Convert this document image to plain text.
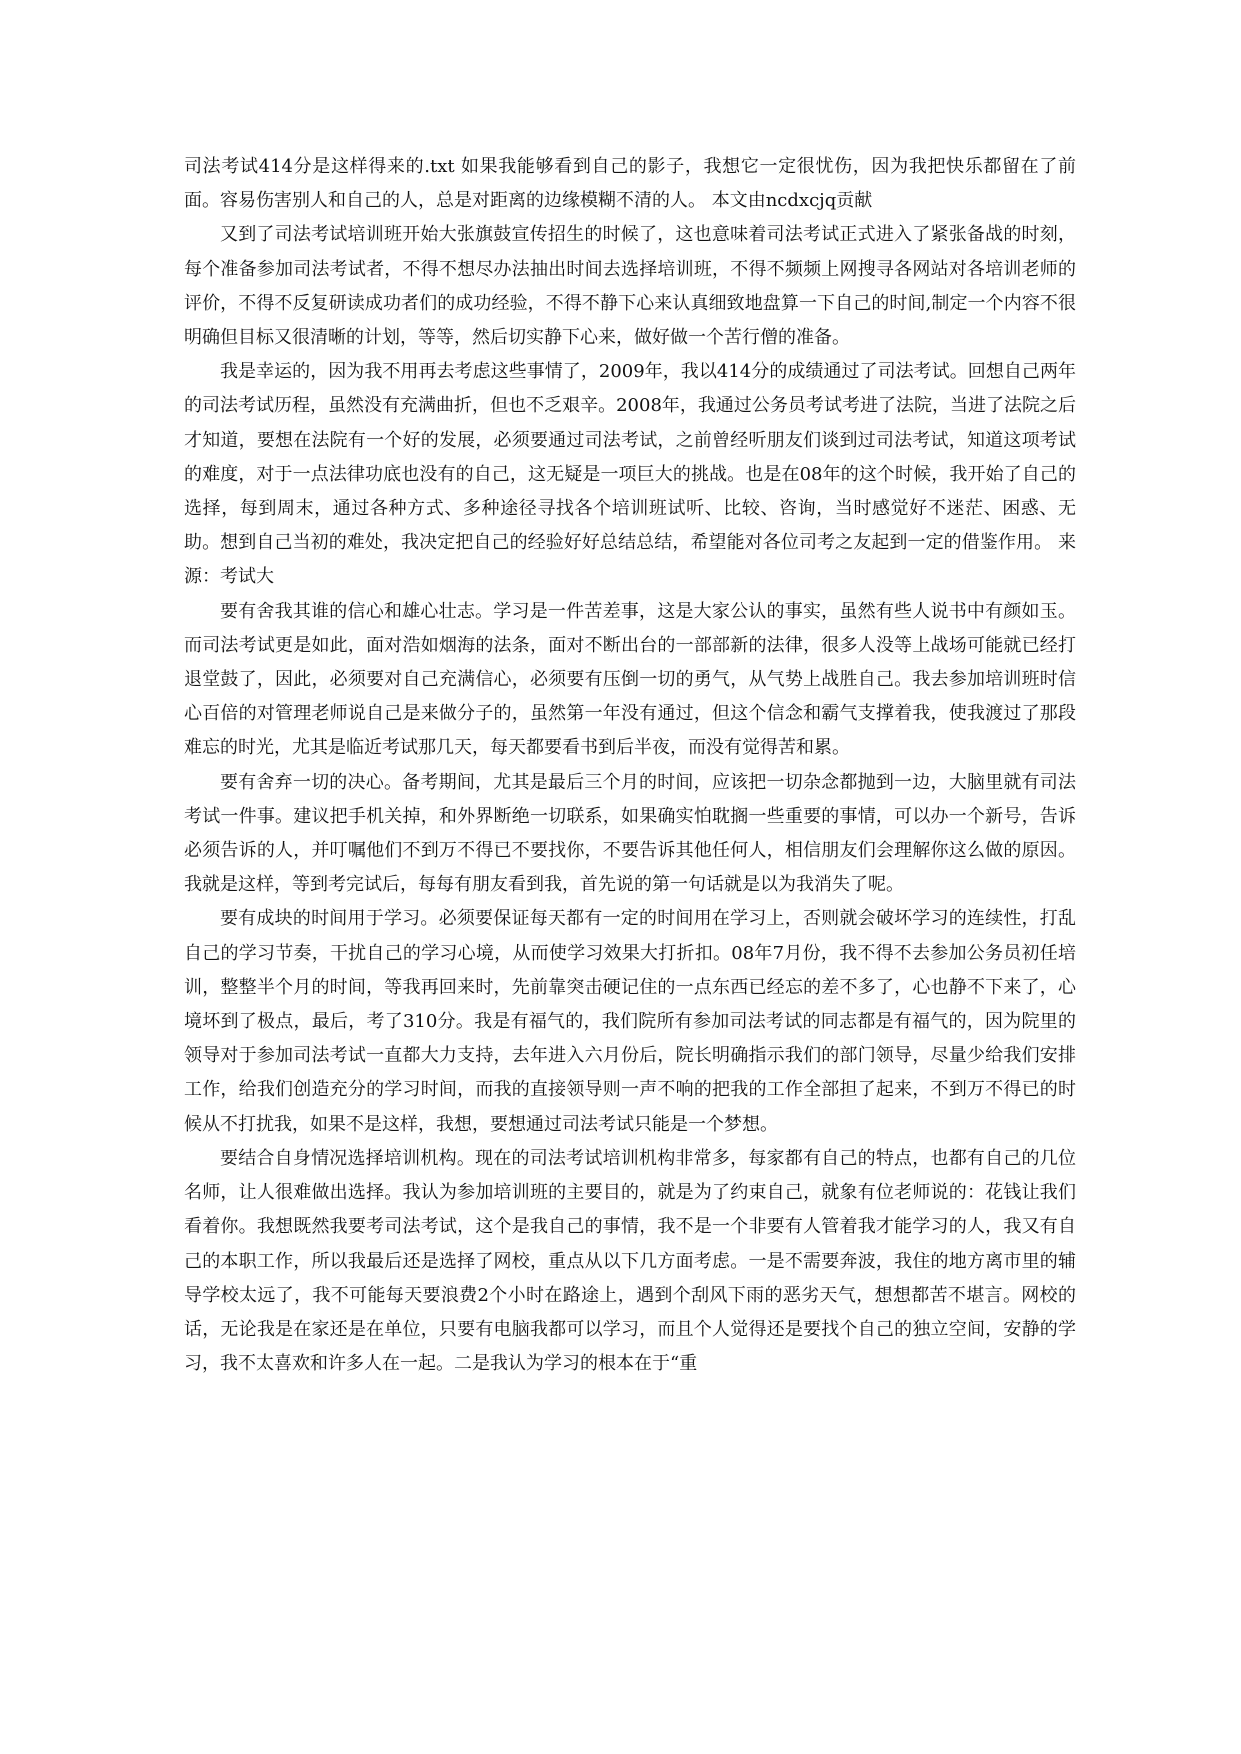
司法考试414分是这样得来的.txt 如果我能够看到自己的影子，我想它一定很忧伤，因为我把快乐都留在了前面。容易伤害别人和自己的人，总是对距离的边缘模糊不清的人。 本文由ncdxcjq贡献

又到了司法考试培训班开始大张旗鼓宣传招生的时候了，这也意味着司法考试正式进入了紧张备战的时刻，每个准备参加司法考试者，不得不想尽办法抽出时间去选择培训班，不得不频频上网搜寻各网站对各培训老师的评价，不得不反复研读成功者们的成功经验，不得不静下心来认真细致地盘算一下自己的时间,制定一个内容不很明确但目标又很清晰的计划，等等，然后切实静下心来，做好做一个苦行僧的准备。

我是幸运的，因为我不用再去考虑这些事情了，2009年，我以414分的成绩通过了司法考试。回想自己两年的司法考试历程，虽然没有充满曲折，但也不乏艰辛。2008年，我通过公务员考试考进了法院，当进了法院之后才知道，要想在法院有一个好的发展，必须要通过司法考试，之前曾经听朋友们谈到过司法考试，知道这项考试的难度，对于一点法律功底也没有的自己，这无疑是一项巨大的挑战。也是在08年的这个时候，我开始了自己的选择，每到周末，通过各种方式、多种途径寻找各个培训班试听、比较、咨询，当时感觉好不迷茫、困惑、无助。想到自己当初的难处，我决定把自己的经验好好总结总结，希望能对各位司考之友起到一定的借鉴作用。 来源：考试大

要有舍我其谁的信心和雄心壮志。学习是一件苦差事，这是大家公认的事实，虽然有些人说书中有颜如玉。而司法考试更是如此，面对浩如烟海的法条，面对不断出台的一部部新的法律，很多人没等上战场可能就已经打退堂鼓了，因此，必须要对自己充满信心，必须要有压倒一切的勇气，从气势上战胜自己。我去参加培训班时信心百倍的对管理老师说自己是来做分子的，虽然第一年没有通过，但这个信念和霸气支撑着我，使我渡过了那段难忘的时光，尤其是临近考试那几天，每天都要看书到后半夜，而没有觉得苦和累。

要有舍弃一切的决心。备考期间，尤其是最后三个月的时间，应该把一切杂念都抛到一边，大脑里就有司法考试一件事。建议把手机关掉，和外界断绝一切联系，如果确实怕耽搁一些重要的事情，可以办一个新号，告诉必须告诉的人，并叮嘱他们不到万不得已不要找你，不要告诉其他任何人，相信朋友们会理解你这么做的原因。我就是这样，等到考完试后，每每有朋友看到我，首先说的第一句话就是以为我消失了呢。

要有成块的时间用于学习。必须要保证每天都有一定的时间用在学习上，否则就会破坏学习的连续性，打乱自己的学习节奏，干扰自己的学习心境，从而使学习效果大打折扣。08年7月份，我不得不去参加公务员初任培训，整整半个月的时间，等我再回来时，先前靠突击硬记住的一点东西已经忘的差不多了，心也静不下来了，心境坏到了极点，最后，考了310分。我是有福气的，我们院所有参加司法考试的同志都是有福气的，因为院里的领导对于参加司法考试一直都大力支持，去年进入六月份后，院长明确指示我们的部门领导，尽量少给我们安排工作，给我们创造充分的学习时间，而我的直接领导则一声不响的把我的工作全部担了起来，不到万不得已的时候从不打扰我，如果不是这样，我想，要想通过司法考试只能是一个梦想。

要结合自身情况选择培训机构。现在的司法考试培训机构非常多，每家都有自己的特点，也都有自己的几位名师，让人很难做出选择。我认为参加培训班的主要目的，就是为了约束自己，就象有位老师说的：花钱让我们看着你。我想既然我要考司法考试，这个是我自己的事情，我不是一个非要有人管着我才能学习的人，我又有自己的本职工作，所以我最后还是选择了网校，重点从以下几方面考虑。一是不需要奔波，我住的地方离市里的辅导学校太远了，我不可能每天要浪费2个小时在路途上，遇到个刮风下雨的恶劣天气，想想都苦不堪言。网校的话，无论我是在家还是在单位，只要有电脑我都可以学习，而且个人觉得还是要找个自己的独立空间，安静的学习，我不太喜欢和许多人在一起。二是我认为学习的根本在于“重
